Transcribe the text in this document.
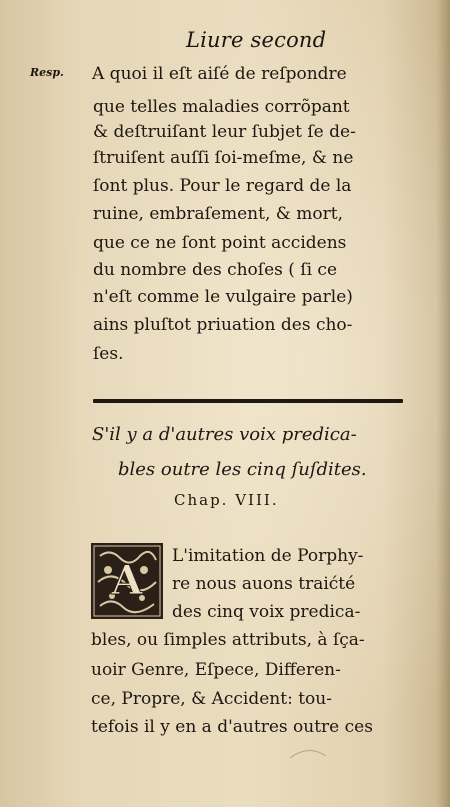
Liure second
Resp. A quoi il eſt aiſé de reſpondre

que telles maladies corrõpant

& deſtruiſant leur ſubjet ſe de-

ſtruiſent auſſi ſoi-meſme, & ne

ſont plus. Pour le regard de la

ruine, embraſement, & mort,

que ce ne ſont point accidens

du nombre des choſes ( ſi ce

n'eſt comme le vulgaire parle)

ains pluſtot priuation des cho-

ſes.

S'il y a d'autres voix predica-
bles outre les cinq ſuſdites.
Chap. VIII.
A
L'imitation de Porphy-
re nous auons traićté
des cinq voix predica-
bles, ou ſimples attributs, à ſça-
uoir Genre, Eſpece, Differen-
ce, Propre, & Accident: tou-
tefois il y en a d'autres outre ces
